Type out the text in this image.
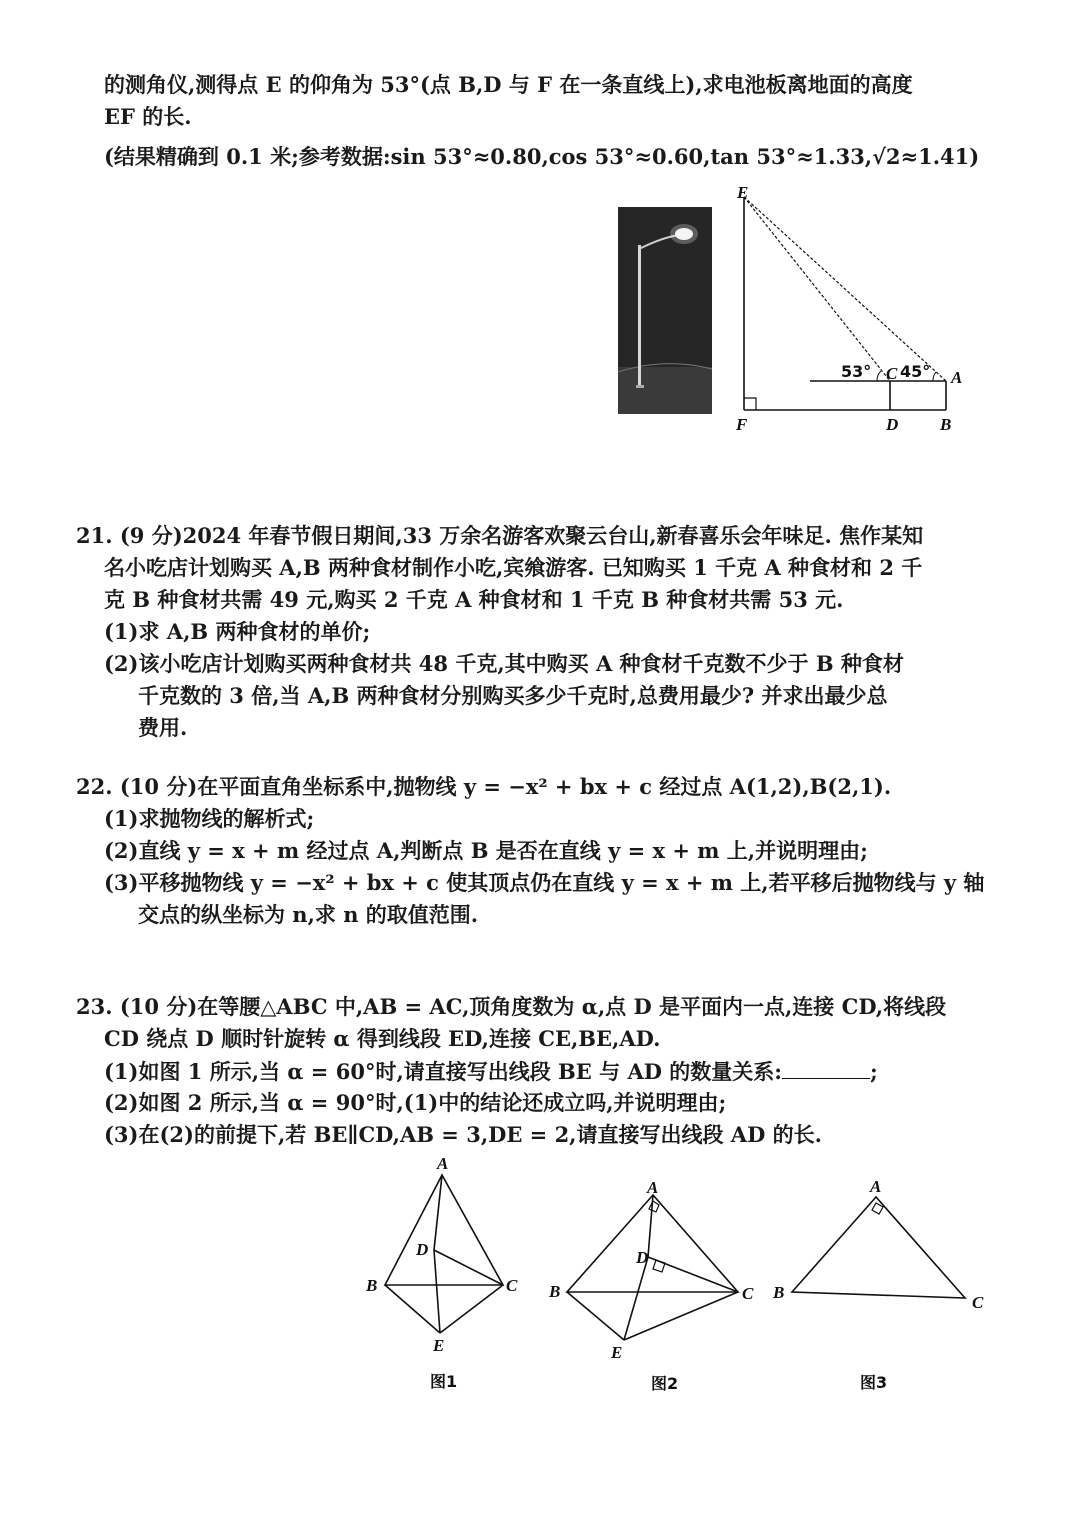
的测角仪,测得点 E 的仰角为 53°(点 B,D 与 F 在一条直线上),求电池板离地面的高度
EF 的长.
(结果精确到 0.1 米;参考数据:sin 53°≈0.80,cos 53°≈0.60,tan 53°≈1.33,√2≈1.41)
E
F	D B
C	A
53° 45°
21. (9 分)2024 年春节假日期间,33 万余名游客欢聚云台山,新春喜乐会年味足. 焦作某知
名小吃店计划购买 A,B 两种食材制作小吃,宾飨游客. 已知购买 1 千克 A 种食材和 2 千
克 B 种食材共需 49 元,购买 2 千克 A 种食材和 1 千克 B 种食材共需 53 元.
(1)求 A,B 两种食材的单价;
(2)该小吃店计划购买两种食材共 48 千克,其中购买 A 种食材千克数不少于 B 种食材
千克数的 3 倍,当 A,B 两种食材分别购买多少千克时,总费用最少? 并求出最少总
费用.
22. (10 分)在平面直角坐标系中,抛物线 y = −x² + bx + c 经过点 A(1,2),B(2,1).
(1)求抛物线的解析式;
(2)直线 y = x + m 经过点 A,判断点 B 是否在直线 y = x + m 上,并说明理由;
(3)平移抛物线 y = −x² + bx + c 使其顶点仍在直线 y = x + m 上,若平移后抛物线与 y 轴
交点的纵坐标为 n,求 n 的取值范围.
23. (10 分)在等腰△ABC 中,AB = AC,顶角度数为 α,点 D 是平面内一点,连接 CD,将线段
CD 绕点 D 顺时针旋转 α 得到线段 ED,连接 CE,BE,AD.
(1)如图 1 所示,当 α = 60°时,请直接写出线段 BE 与 AD 的数量关系:	;
(2)如图 2 所示,当 α = 90°时,(1)中的结论还成立吗,并说明理由;
(3)在(2)的前提下,若 BE∥CD,AB = 3,DE = 2,请直接写出线段 AD 的长.
A
B	C
D
E
图1
A
B	C
D
E
图2
A
B
C
图3
